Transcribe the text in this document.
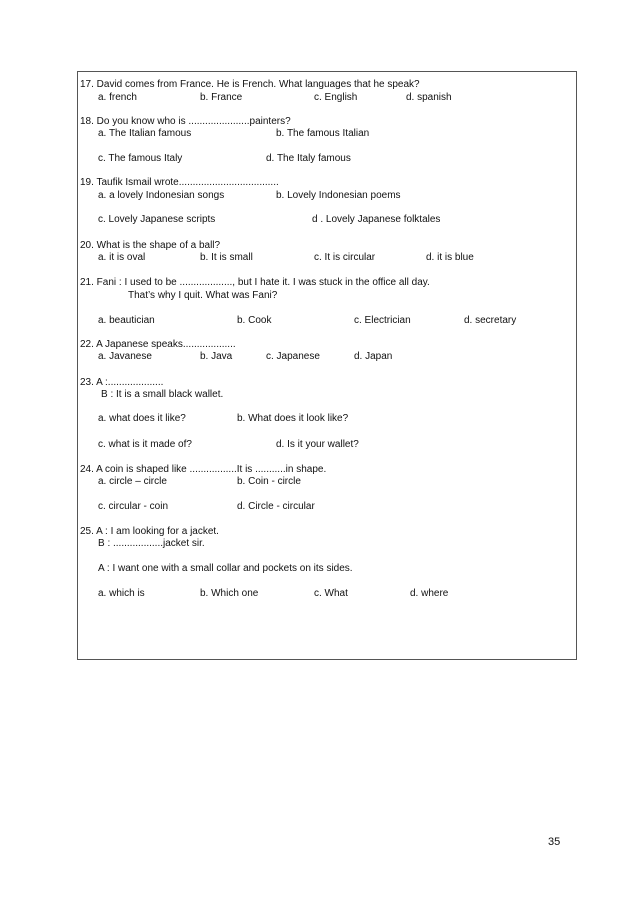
17. David comes from France. He is French. What languages that he speak?
a. french	b. France	c. English	d. spanish
18. Do you know who is ......................painters?
a. The Italian famous	b. The famous Italian
c. The famous Italy	d. The Italy famous
19. Taufik Ismail wrote....................................
a. a lovely Indonesian songs	b. Lovely Indonesian poems
c. Lovely Japanese scripts	d . Lovely Japanese folktales
20. What is the shape of a ball?
a. it is oval	b. It is small	c. It is circular	d. it is blue
21. Fani : I used to be ..................., but I hate it. I was stuck in the office all day.
That’s why I quit. What was Fani?
a. beautician	b. Cook	c. Electrician	d. secretary
22. A Japanese speaks...................
a. Javanese	b. Java	c. Japanese	d. Japan
23. A :....................
B : It is a small black wallet.
a. what does it like?	b. What does it look like?
c. what is it made of?	d. Is it your wallet?
24. A coin is shaped like .................It is ...........in shape.
a. circle – circle	b. Coin - circle
c. circular - coin	d. Circle - circular
25. A : I am looking for a jacket.
B : ..................jacket sir.
A : I want one with a small collar and pockets on its sides.
a. which is	b. Which one	c. What	d. where
35
